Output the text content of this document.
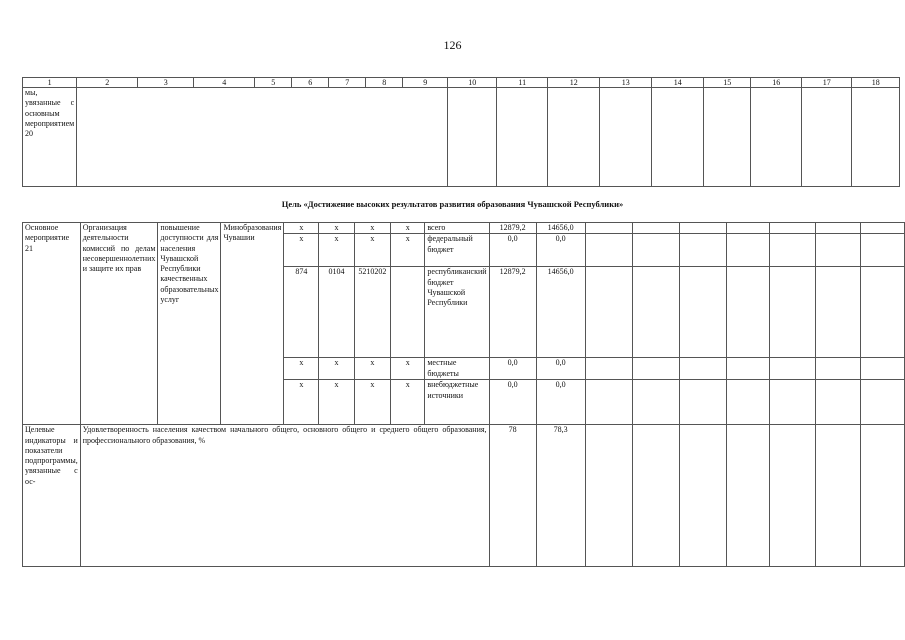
126
1	2	3	4	5	6	7	8	9	10	11	12	13	14	15	16	17	18
мы, увязанные с основным мероприятием 20																	
Цель «Достижение высоких результатов развития образования Чувашской Республики»
Основное мероприятие 21	Организация деятельности комиссий по делам несовершеннолетних и защите их прав	повышение доступности для населения Чувашской Республики качественных образовательных услуг	Минобразования Чувашии	x	x	x	x	всего	12879,2	14656,0							
				x	x	x	x	федеральный бюджет	0,0	0,0							
				874	0104	5210202		республиканский бюджет Чувашской Республики	12879,2	14656,0							
				x	x	x	x	местные бюджеты	0,0	0,0							
				x	x	x	x	внебюджетные источники	0,0	0,0							
Целевые индикаторы и показатели подпрограммы, увязанные с ос-	Удовлетворенность населения качеством начального общего, основного общего и среднего общего образования, профессионального образования, %								78	78,3							
